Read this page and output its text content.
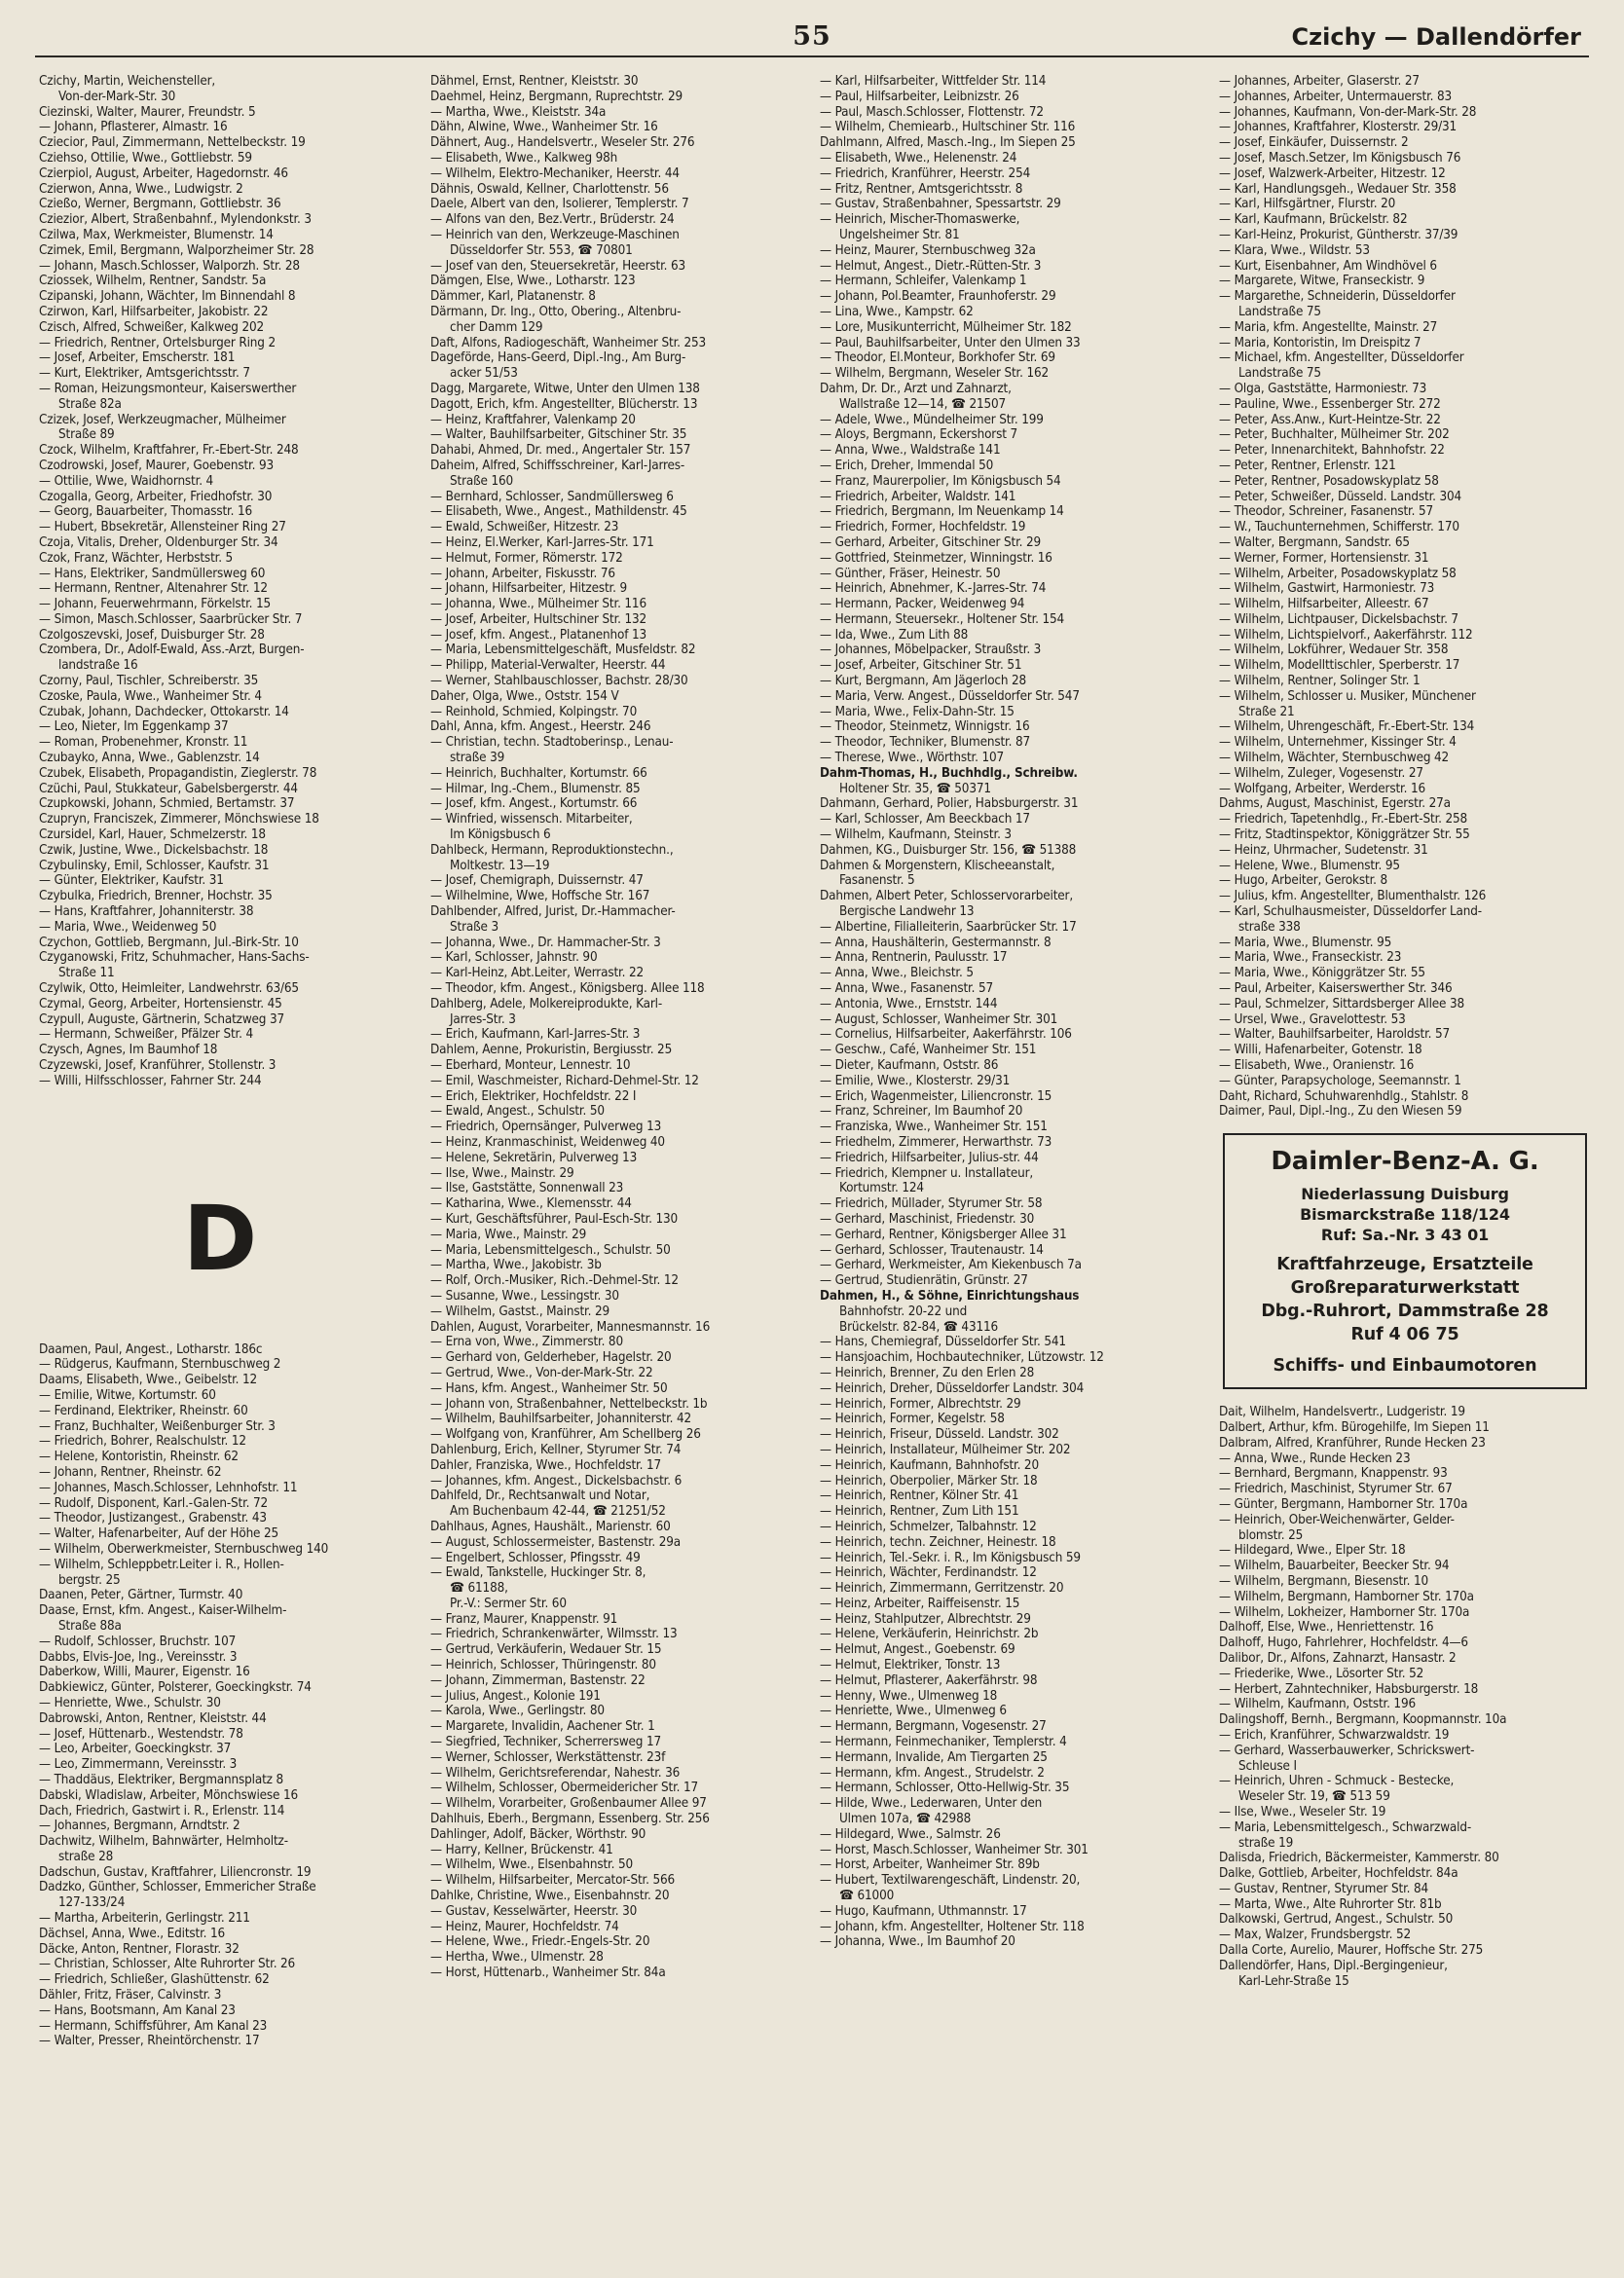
55	Czichy — Dallendörfer
Czichy, Martin, Weichensteller,
Von-der-Mark-Str. 30
Ciezinski, Walter, Maurer, Freundstr. 5
— Johann, Pflasterer, Almastr. 16
Cziecior, Paul, Zimmermann, Nettelbeckstr. 19
Cziehso, Ottilie, Wwe., Gottliebstr. 59
Czierpiol, August, Arbeiter, Hagedornstr. 46
Czierwon, Anna, Wwe., Ludwigstr. 2
Czießo, Werner, Bergmann, Gottliebstr. 36
Cziezior, Albert, Straßenbahnf., Mylendonkstr. 3
Czilwa, Max, Werkmeister, Blumenstr. 14
Czimek, Emil, Bergmann, Walporzheimer Str. 28
— Johann, Masch.Schlosser, Walporzh. Str. 28
Cziossek, Wilhelm, Rentner, Sandstr. 5a
Czipanski, Johann, Wächter, Im Binnendahl 8
Czirwon, Karl, Hilfsarbeiter, Jakobistr. 22
Czisch, Alfred, Schweißer, Kalkweg 202
— Friedrich, Rentner, Ortelsburger Ring 2
— Josef, Arbeiter, Emscherstr. 181
— Kurt, Elektriker, Amtsgerichtsstr. 7
— Roman, Heizungsmonteur, Kaiserswerther
Straße 82a
Czizek, Josef, Werkzeugmacher, Mülheimer
Straße 89
Czock, Wilhelm, Kraftfahrer, Fr.-Ebert-Str. 248
Czodrowski, Josef, Maurer, Goebenstr. 93
— Ottilie, Wwe, Waidhornstr. 4
Czogalla, Georg, Arbeiter, Friedhofstr. 30
— Georg, Bauarbeiter, Thomasstr. 16
— Hubert, Bbsekretär, Allensteiner Ring 27
Czoja, Vitalis, Dreher, Oldenburger Str. 34
Czok, Franz, Wächter, Herbststr. 5
— Hans, Elektriker, Sandmüllersweg 60
— Hermann, Rentner, Altenahrer Str. 12
— Johann, Feuerwehrmann, Förkelstr. 15
— Simon, Masch.Schlosser, Saarbrücker Str. 7
Czolgoszevski, Josef, Duisburger Str. 28
Czombera, Dr., Adolf-Ewald, Ass.-Arzt, Burgen-
landstraße 16
Czorny, Paul, Tischler, Schreiberstr. 35
Czoske, Paula, Wwe., Wanheimer Str. 4
Czubak, Johann, Dachdecker, Ottokarstr. 14
— Leo, Nieter, Im Eggenkamp 37
— Roman, Probenehmer, Kronstr. 11
Czubayko, Anna, Wwe., Gablenzstr. 14
Czubek, Elisabeth, Propagandistin, Zieglerstr. 78
Czüchi, Paul, Stukkateur, Gabelsbergerstr. 44
Czupkowski, Johann, Schmied, Bertamstr. 37
Czupryn, Franciszek, Zimmerer, Mönchswiese 18
Czursidel, Karl, Hauer, Schmelzerstr. 18
Czwik, Justine, Wwe., Dickelsbachstr. 18
Czybulinsky, Emil, Schlosser, Kaufstr. 31
— Günter, Elektriker, Kaufstr. 31
Czybulka, Friedrich, Brenner, Hochstr. 35
— Hans, Kraftfahrer, Johanniterstr. 38
— Maria, Wwe., Weidenweg 50
Czychon, Gottlieb, Bergmann, Jul.-Birk-Str. 10
Czyganowski, Fritz, Schuhmacher, Hans-Sachs-
Straße 11
Czylwik, Otto, Heimleiter, Landwehrstr. 63/65
Czymal, Georg, Arbeiter, Hortensienstr. 45
Czypull, Auguste, Gärtnerin, Schatzweg 37
— Hermann, Schweißer, Pfälzer Str. 4
Czysch, Agnes, Im Baumhof 18
Czyzewski, Josef, Kranführer, Stollenstr. 3
— Willi, Hilfsschlosser, Fahrner Str. 244
D
Daamen, Paul, Angest., Lotharstr. 186c
— Rüdgerus, Kaufmann, Sternbuschweg 2
Daams, Elisabeth, Wwe., Geibelstr. 12
— Emilie, Witwe, Kortumstr. 60
— Ferdinand, Elektriker, Rheinstr. 60
— Franz, Buchhalter, Weißenburger Str. 3
— Friedrich, Bohrer, Realschulstr. 12
— Helene, Kontoristin, Rheinstr. 62
— Johann, Rentner, Rheinstr. 62
— Johannes, Masch.Schlosser, Lehnhofstr. 11
— Rudolf, Disponent, Karl.-Galen-Str. 72
— Theodor, Justizangest., Grabenstr. 43
— Walter, Hafenarbeiter, Auf der Höhe 25
— Wilhelm, Oberwerkmeister, Sternbuschweg 140
— Wilhelm, Schleppbetr.Leiter i. R., Hollen-
bergstr. 25
Daanen, Peter, Gärtner, Turmstr. 40
Daase, Ernst, kfm. Angest., Kaiser-Wilhelm-
Straße 88a
— Rudolf, Schlosser, Bruchstr. 107
Dabbs, Elvis-Joe, Ing., Vereinsstr. 3
Daberkow, Willi, Maurer, Eigenstr. 16
Dabkiewicz, Günter, Polsterer, Goeckingkstr. 74
— Henriette, Wwe., Schulstr. 30
Dabrowski, Anton, Rentner, Kleiststr. 44
— Josef, Hüttenarb., Westendstr. 78
— Leo, Arbeiter, Goeckingkstr. 37
— Leo, Zimmermann, Vereinsstr. 3
— Thaddäus, Elektriker, Bergmannsplatz 8
Dabski, Wladislaw, Arbeiter, Mönchswiese 16
Dach, Friedrich, Gastwirt i. R., Erlenstr. 114
— Johannes, Bergmann, Arndtstr. 2
Dachwitz, Wilhelm, Bahnwärter, Helmholtz-
straße 28
Dadschun, Gustav, Kraftfahrer, Liliencronstr. 19
Dadzko, Günther, Schlosser, Emmericher Straße
127-133/24
— Martha, Arbeiterin, Gerlingstr. 211
Dächsel, Anna, Wwe., Editstr. 16
Däcke, Anton, Rentner, Florastr. 32
— Christian, Schlosser, Alte Ruhrorter Str. 26
— Friedrich, Schließer, Glashüttenstr. 62
Dähler, Fritz, Fräser, Calvinstr. 3
— Hans, Bootsmann, Am Kanal 23
— Hermann, Schiffsführer, Am Kanal 23
— Walter, Presser, Rheintörchenstr. 17
Dähmel, Ernst, Rentner, Kleiststr. 30
Daehmel, Heinz, Bergmann, Ruprechtstr. 29
— Martha, Wwe., Kleiststr. 34a
Dähn, Alwine, Wwe., Wanheimer Str. 16
Dähnert, Aug., Handelsvertr., Weseler Str. 276
— Elisabeth, Wwe., Kalkweg 98h
— Wilhelm, Elektro-Mechaniker, Heerstr. 44
Dähnis, Oswald, Kellner, Charlottenstr. 56
Daele, Albert van den, Isolierer, Templerstr. 7
— Alfons van den, Bez.Vertr., Brüderstr. 24
— Heinrich van den, Werkzeuge-Maschinen
Düsseldorfer Str. 553, ☎ 70801
— Josef van den, Steuersekretär, Heerstr. 63
Dämgen, Else, Wwe., Lotharstr. 123
Dämmer, Karl, Platanenstr. 8
Därmann, Dr. Ing., Otto, Obering., Altenbru-
cher Damm 129
Daft, Alfons, Radiogeschäft, Wanheimer Str. 253
Dageförde, Hans-Geerd, Dipl.-Ing., Am Burg-
acker 51/53
Dagg, Margarete, Witwe, Unter den Ulmen 138
Dagott, Erich, kfm. Angestellter, Blücherstr. 13
— Heinz, Kraftfahrer, Valenkamp 20
— Walter, Bauhilfsarbeiter, Gitschiner Str. 35
Dahabi, Ahmed, Dr. med., Angertaler Str. 157
Daheim, Alfred, Schiffsschreiner, Karl-Jarres-
Straße 160
— Bernhard, Schlosser, Sandmüllersweg 6
— Elisabeth, Wwe., Angest., Mathildenstr. 45
— Ewald, Schweißer, Hitzestr. 23
— Heinz, El.Werker, Karl-Jarres-Str. 171
— Helmut, Former, Römerstr. 172
— Johann, Arbeiter, Fiskusstr. 76
— Johann, Hilfsarbeiter, Hitzestr. 9
— Johanna, Wwe., Mülheimer Str. 116
— Josef, Arbeiter, Hultschiner Str. 132
— Josef, kfm. Angest., Platanenhof 13
— Maria, Lebensmittelgeschäft, Musfeldstr. 82
— Philipp, Material-Verwalter, Heerstr. 44
— Werner, Stahlbauschlosser, Bachstr. 28/30
Daher, Olga, Wwe., Oststr. 154 V
— Reinhold, Schmied, Kolpingstr. 70
Dahl, Anna, kfm. Angest., Heerstr. 246
— Christian, techn. Stadtoberinsp., Lenau-
straße 39
— Heinrich, Buchhalter, Kortumstr. 66
— Hilmar, Ing.-Chem., Blumenstr. 85
— Josef, kfm. Angest., Kortumstr. 66
— Winfried, wissensch. Mitarbeiter,
Im Königsbusch 6
Dahlbeck, Hermann, Reproduktionstechn.,
Moltkestr. 13—19
— Josef, Chemigraph, Duissernstr. 47
— Wilhelmine, Wwe, Hoffsche Str. 167
Dahlbender, Alfred, Jurist, Dr.-Hammacher-
Straße 3
— Johanna, Wwe., Dr. Hammacher-Str. 3
— Karl, Schlosser, Jahnstr. 90
— Karl-Heinz, Abt.Leiter, Werrastr. 22
— Theodor, kfm. Angest., Königsberg. Allee 118
Dahlberg, Adele, Molkereiprodukte, Karl-
Jarres-Str. 3
— Erich, Kaufmann, Karl-Jarres-Str. 3
Dahlem, Aenne, Prokuristin, Bergiusstr. 25
— Eberhard, Monteur, Lennestr. 10
— Emil, Waschmeister, Richard-Dehmel-Str. 12
— Erich, Elektriker, Hochfeldstr. 22 I
— Ewald, Angest., Schulstr. 50
— Friedrich, Opernsänger, Pulverweg 13
— Heinz, Kranmaschinist, Weidenweg 40
— Helene, Sekretärin, Pulverweg 13
— Ilse, Wwe., Mainstr. 29
— Ilse, Gaststätte, Sonnenwall 23
— Katharina, Wwe., Klemensstr. 44
— Kurt, Geschäftsführer, Paul-Esch-Str. 130
— Maria, Wwe., Mainstr. 29
— Maria, Lebensmittelgesch., Schulstr. 50
— Martha, Wwe., Jakobistr. 3b
— Rolf, Orch.-Musiker, Rich.-Dehmel-Str. 12
— Susanne, Wwe., Lessingstr. 30
— Wilhelm, Gastst., Mainstr. 29
Dahlen, August, Vorarbeiter, Mannesmannstr. 16
— Erna von, Wwe., Zimmerstr. 80
— Gerhard von, Gelderheber, Hagelstr. 20
— Gertrud, Wwe., Von-der-Mark-Str. 22
— Hans, kfm. Angest., Wanheimer Str. 50
— Johann von, Straßenbahner, Nettelbeckstr. 1b
— Wilhelm, Bauhilfsarbeiter, Johanniterstr. 42
— Wolfgang von, Kranführer, Am Schellberg 26
Dahlenburg, Erich, Kellner, Styrumer Str. 74
Dahler, Franziska, Wwe., Hochfeldstr. 17
— Johannes, kfm. Angest., Dickelsbachstr. 6
Dahlfeld, Dr., Rechtsanwalt und Notar,
Am Buchenbaum 42-44, ☎ 21251/52
Dahlhaus, Agnes, Haushält., Marienstr. 60
— August, Schlossermeister, Bastenstr. 29a
— Engelbert, Schlosser, Pfingsstr. 49
— Ewald, Tankstelle, Huckinger Str. 8,
☎ 61188,
Pr.-V.: Sermer Str. 60
— Franz, Maurer, Knappenstr. 91
— Friedrich, Schrankenwärter, Wilmsstr. 13
— Gertrud, Verkäuferin, Wedauer Str. 15
— Heinrich, Schlosser, Thüringenstr. 80
— Johann, Zimmerman, Bastenstr. 22
— Julius, Angest., Kolonie 191
— Karola, Wwe., Gerlingstr. 80
— Margarete, Invalidin, Aachener Str. 1
— Siegfried, Techniker, Scherrersweg 17
— Werner, Schlosser, Werkstättenstr. 23f
— Wilhelm, Gerichtsreferendar, Nahestr. 36
— Wilhelm, Schlosser, Obermeidericher Str. 17
— Wilhelm, Vorarbeiter, Großenbaumer Allee 97
Dahlhuis, Eberh., Bergmann, Essenberg. Str. 256
Dahlinger, Adolf, Bäcker, Wörthstr. 90
— Harry, Kellner, Brückenstr. 41
— Wilhelm, Wwe., Elsenbahnstr. 50
— Wilhelm, Hilfsarbeiter, Mercator-Str. 566
Dahlke, Christine, Wwe., Eisenbahnstr. 20
— Gustav, Kesselwärter, Heerstr. 30
— Heinz, Maurer, Hochfeldstr. 74
— Helene, Wwe., Friedr.-Engels-Str. 20
— Hertha, Wwe., Ulmenstr. 28
— Horst, Hüttenarb., Wanheimer Str. 84a
— Karl, Hilfsarbeiter, Wittfelder Str. 114
— Paul, Hilfsarbeiter, Leibnizstr. 26
— Paul, Masch.Schlosser, Flottenstr. 72
— Wilhelm, Chemiearb., Hultschiner Str. 116
Dahlmann, Alfred, Masch.-Ing., Im Siepen 25
— Elisabeth, Wwe., Helenenstr. 24
— Friedrich, Kranführer, Heerstr. 254
— Fritz, Rentner, Amtsgerichtsstr. 8
— Gustav, Straßenbahner, Spessartstr. 29
— Heinrich, Mischer-Thomaswerke,
Ungelsheimer Str. 81
— Heinz, Maurer, Sternbuschweg 32a
— Helmut, Angest., Dietr.-Rütten-Str. 3
— Hermann, Schleifer, Valenkamp 1
— Johann, Pol.Beamter, Fraunhoferstr. 29
— Lina, Wwe., Kampstr. 62
— Lore, Musikunterricht, Mülheimer Str. 182
— Paul, Bauhilfsarbeiter, Unter den Ulmen 33
— Theodor, El.Monteur, Borkhofer Str. 69
— Wilhelm, Bergmann, Weseler Str. 162
Dahm, Dr. Dr., Arzt und Zahnarzt,
Wallstraße 12—14, ☎ 21507
— Adele, Wwe., Mündelheimer Str. 199
— Aloys, Bergmann, Eckershorst 7
— Anna, Wwe., Waldstraße 141
— Erich, Dreher, Immendal 50
— Franz, Maurerpolier, Im Königsbusch 54
— Friedrich, Arbeiter, Waldstr. 141
— Friedrich, Bergmann, Im Neuenkamp 14
— Friedrich, Former, Hochfeldstr. 19
— Gerhard, Arbeiter, Gitschiner Str. 29
— Gottfried, Steinmetzer, Winningstr. 16
— Günther, Fräser, Heinestr. 50
— Heinrich, Abnehmer, K.-Jarres-Str. 74
— Hermann, Packer, Weidenweg 94
— Hermann, Steuersekr., Holtener Str. 154
— Ida, Wwe., Zum Lith 88
— Johannes, Möbelpacker, Straußstr. 3
— Josef, Arbeiter, Gitschiner Str. 51
— Kurt, Bergmann, Am Jägerloch 28
— Maria, Verw. Angest., Düsseldorfer Str. 547
— Maria, Wwe., Felix-Dahn-Str. 15
— Theodor, Steinmetz, Winnigstr. 16
— Theodor, Techniker, Blumenstr. 87
— Therese, Wwe., Wörthstr. 107
Dahm-Thomas, H., Buchhdlg., Schreibw.
Holtener Str. 35, ☎ 50371
Dahmann, Gerhard, Polier, Habsburgerstr. 31
— Karl, Schlosser, Am Beeckbach 17
— Wilhelm, Kaufmann, Steinstr. 3
Dahmen, KG., Duisburger Str. 156, ☎ 51388
Dahmen & Morgenstern, Klischeeanstalt,
Fasanenstr. 5
Dahmen, Albert Peter, Schlosservorarbeiter,
Bergische Landwehr 13
— Albertine, Filialleiterin, Saarbrücker Str. 17
— Anna, Haushälterin, Gestermannstr. 8
— Anna, Rentnerin, Paulusstr. 17
— Anna, Wwe., Bleichstr. 5
— Anna, Wwe., Fasanenstr. 57
— Antonia, Wwe., Ernststr. 144
— August, Schlosser, Wanheimer Str. 301
— Cornelius, Hilfsarbeiter, Aakerfährstr. 106
— Geschw., Café, Wanheimer Str. 151
— Dieter, Kaufmann, Oststr. 86
— Emilie, Wwe., Klosterstr. 29/31
— Erich, Wagenmeister, Liliencronstr. 15
— Franz, Schreiner, Im Baumhof 20
— Franziska, Wwe., Wanheimer Str. 151
— Friedhelm, Zimmerer, Herwarthstr. 73
— Friedrich, Hilfsarbeiter, Julius-str. 44
— Friedrich, Klempner u. Installateur,
Kortumstr. 124
— Friedrich, Müllader, Styrumer Str. 58
— Gerhard, Maschinist, Friedenstr. 30
— Gerhard, Rentner, Königsberger Allee 31
— Gerhard, Schlosser, Trautenaustr. 14
— Gerhard, Werkmeister, Am Kiekenbusch 7a
— Gertrud, Studienrätin, Grünstr. 27
Dahmen, H., & Söhne, Einrichtungshaus
Bahnhofstr. 20-22 und
Brückelstr. 82-84, ☎ 43116
— Hans, Chemiegraf, Düsseldorfer Str. 541
— Hansjoachim, Hochbautechniker, Lützowstr. 12
— Heinrich, Brenner, Zu den Erlen 28
— Heinrich, Dreher, Düsseldorfer Landstr. 304
— Heinrich, Former, Albrechtstr. 29
— Heinrich, Former, Kegelstr. 58
— Heinrich, Friseur, Düsseld. Landstr. 302
— Heinrich, Installateur, Mülheimer Str. 202
— Heinrich, Kaufmann, Bahnhofstr. 20
— Heinrich, Oberpolier, Märker Str. 18
— Heinrich, Rentner, Kölner Str. 41
— Heinrich, Rentner, Zum Lith 151
— Heinrich, Schmelzer, Talbahnstr. 12
— Heinrich, techn. Zeichner, Heinestr. 18
— Heinrich, Tel.-Sekr. i. R., Im Königsbusch 59
— Heinrich, Wächter, Ferdinandstr. 12
— Heinrich, Zimmermann, Gerritzenstr. 20
— Heinz, Arbeiter, Raiffeisenstr. 15
— Heinz, Stahlputzer, Albrechtstr. 29
— Helene, Verkäuferin, Heinrichstr. 2b
— Helmut, Angest., Goebenstr. 69
— Helmut, Elektriker, Tonstr. 13
— Helmut, Pflasterer, Aakerfährstr. 98
— Henny, Wwe., Ulmenweg 18
— Henriette, Wwe., Ulmenweg 6
— Hermann, Bergmann, Vogesenstr. 27
— Hermann, Feinmechaniker, Templerstr. 4
— Hermann, Invalide, Am Tiergarten 25
— Hermann, kfm. Angest., Strudelstr. 2
— Hermann, Schlosser, Otto-Hellwig-Str. 35
— Hilde, Wwe., Lederwaren, Unter den
Ulmen 107a, ☎ 42988
— Hildegard, Wwe., Salmstr. 26
— Horst, Masch.Schlosser, Wanheimer Str. 301
— Horst, Arbeiter, Wanheimer Str. 89b
— Hubert, Textilwarengeschäft, Lindenstr. 20,
☎ 61000
— Hugo, Kaufmann, Uthmannstr. 17
— Johann, kfm. Angestellter, Holtener Str. 118
— Johanna, Wwe., Im Baumhof 20
— Johannes, Arbeiter, Glaserstr. 27
— Johannes, Arbeiter, Untermauerstr. 83
— Johannes, Kaufmann, Von-der-Mark-Str. 28
— Johannes, Kraftfahrer, Klosterstr. 29/31
— Josef, Einkäufer, Duissernstr. 2
— Josef, Masch.Setzer, Im Königsbusch 76
— Josef, Walzwerk-Arbeiter, Hitzestr. 12
— Karl, Handlungsgeh., Wedauer Str. 358
— Karl, Hilfsgärtner, Flurstr. 20
— Karl, Kaufmann, Brückelstr. 82
— Karl-Heinz, Prokurist, Güntherstr. 37/39
— Klara, Wwe., Wildstr. 53
— Kurt, Eisenbahner, Am Windhövel 6
— Margarete, Witwe, Franseckistr. 9
— Margarethe, Schneiderin, Düsseldorfer
Landstraße 75
— Maria, kfm. Angestellte, Mainstr. 27
— Maria, Kontoristin, Im Dreispitz 7
— Michael, kfm. Angestellter, Düsseldorfer
Landstraße 75
— Olga, Gaststätte, Harmoniestr. 73
— Pauline, Wwe., Essenberger Str. 272
— Peter, Ass.Anw., Kurt-Heintze-Str. 22
— Peter, Buchhalter, Mülheimer Str. 202
— Peter, Innenarchitekt, Bahnhofstr. 22
— Peter, Rentner, Erlenstr. 121
— Peter, Rentner, Posadowskyplatz 58
— Peter, Schweißer, Düsseld. Landstr. 304
— Theodor, Schreiner, Fasanenstr. 57
— W., Tauchunternehmen, Schifferstr. 170
— Walter, Bergmann, Sandstr. 65
— Werner, Former, Hortensienstr. 31
— Wilhelm, Arbeiter, Posadowskyplatz 58
— Wilhelm, Gastwirt, Harmoniestr. 73
— Wilhelm, Hilfsarbeiter, Alleestr. 67
— Wilhelm, Lichtpauser, Dickelsbachstr. 7
— Wilhelm, Lichtspielvorf., Aakerfährstr. 112
— Wilhelm, Lokführer, Wedauer Str. 358
— Wilhelm, Modellttischler, Sperberstr. 17
— Wilhelm, Rentner, Solinger Str. 1
— Wilhelm, Schlosser u. Musiker, Münchener
Straße 21
— Wilhelm, Uhrengeschäft, Fr.-Ebert-Str. 134
— Wilhelm, Unternehmer, Kissinger Str. 4
— Wilhelm, Wächter, Sternbuschweg 42
— Wilhelm, Zuleger, Vogesenstr. 27
— Wolfgang, Arbeiter, Werderstr. 16
Dahms, August, Maschinist, Egerstr. 27a
— Friedrich, Tapetenhdlg., Fr.-Ebert-Str. 258
— Fritz, Stadtinspektor, Königgrätzer Str. 55
— Heinz, Uhrmacher, Sudetenstr. 31
— Helene, Wwe., Blumenstr. 95
— Hugo, Arbeiter, Gerokstr. 8
— Julius, kfm. Angestellter, Blumenthalstr. 126
— Karl, Schulhausmeister, Düsseldorfer Land-
straße 338
— Maria, Wwe., Blumenstr. 95
— Maria, Wwe., Franseckistr. 23
— Maria, Wwe., Königgrätzer Str. 55
— Paul, Arbeiter, Kaiserswerther Str. 346
— Paul, Schmelzer, Sittardsberger Allee 38
— Ursel, Wwe., Gravelottestr. 53
— Walter, Bauhilfsarbeiter, Haroldstr. 57
— Willi, Hafenarbeiter, Gotenstr. 18
— Elisabeth, Wwe., Oranienstr. 16
— Günter, Parapsychologe, Seemannstr. 1
Daht, Richard, Schuhwarenhdlg., Stahlstr. 8
Daimer, Paul, Dipl.-Ing., Zu den Wiesen 59
Daimler-Benz-A. G.
Niederlassung Duisburg
Bismarckstraße 118/124
Ruf: Sa.-Nr. 3 43 01
Kraftfahrzeuge, Ersatzteile
Großreparaturwerkstatt
Dbg.-Ruhrort, Dammstraße 28
Ruf 4 06 75
Schiffs- und Einbaumotoren
Dait, Wilhelm, Handelsvertr., Ludgeristr. 19
Dalbert, Arthur, kfm. Bürogehilfe, Im Siepen 11
Dalbram, Alfred, Kranführer, Runde Hecken 23
— Anna, Wwe., Runde Hecken 23
— Bernhard, Bergmann, Knappenstr. 93
— Friedrich, Maschinist, Styrumer Str. 67
— Günter, Bergmann, Hamborner Str. 170a
— Heinrich, Ober-Weichenwärter, Gelder-
blomstr. 25
— Hildegard, Wwe., Elper Str. 18
— Wilhelm, Bauarbeiter, Beecker Str. 94
— Wilhelm, Bergmann, Biesenstr. 10
— Wilhelm, Bergmann, Hamborner Str. 170a
— Wilhelm, Lokheizer, Hamborner Str. 170a
Dalhoff, Else, Wwe., Henriettenstr. 16
Dalhoff, Hugo, Fahrlehrer, Hochfeldstr. 4—6
Dalibor, Dr., Alfons, Zahnarzt, Hansastr. 2
— Friederike, Wwe., Lösorter Str. 52
— Herbert, Zahntechniker, Habsburgerstr. 18
— Wilhelm, Kaufmann, Oststr. 196
Dalingshoff, Bernh., Bergmann, Koopmannstr. 10a
— Erich, Kranführer, Schwarzwaldstr. 19
— Gerhard, Wasserbauwerker, Schrickswert-
Schleuse I
— Heinrich, Uhren - Schmuck - Bestecke,
Weseler Str. 19, ☎ 513 59
— Ilse, Wwe., Weseler Str. 19
— Maria, Lebensmittelgesch., Schwarzwald-
straße 19
Dalisda, Friedrich, Bäckermeister, Kammerstr. 80
Dalke, Gottlieb, Arbeiter, Hochfeldstr. 84a
— Gustav, Rentner, Styrumer Str. 84
— Marta, Wwe., Alte Ruhrorter Str. 81b
Dalkowski, Gertrud, Angest., Schulstr. 50
— Max, Walzer, Frundsbergstr. 52
Dalla Corte, Aurelio, Maurer, Hoffsche Str. 275
Dallendörfer, Hans, Dipl.-Bergingenieur,
Karl-Lehr-Straße 15
